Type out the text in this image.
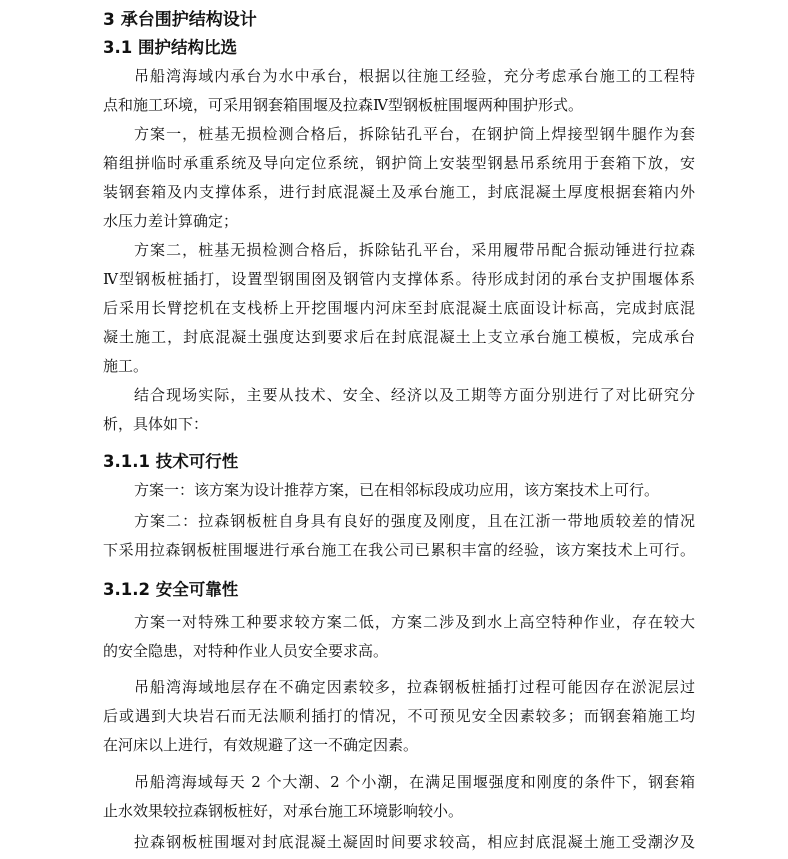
3 承台围护结构设计
3.1 围护结构比选
吊船湾海域内承台为水中承台，根据以往施工经验，充分考虑承台施工的工程特
点和施工环境，可采用钢套箱围堰及拉森Ⅳ型钢板桩围堰两种围护形式。
方案一，桩基无损检测合格后，拆除钻孔平台，在钢护筒上焊接型钢牛腿作为套
箱组拼临时承重系统及导向定位系统，钢护筒上安装型钢悬吊系统用于套箱下放，安
装钢套箱及内支撑体系，进行封底混凝土及承台施工，封底混凝土厚度根据套箱内外
水压力差计算确定；
方案二，桩基无损检测合格后，拆除钻孔平台，采用履带吊配合振动锤进行拉森
Ⅳ型钢板桩插打，设置型钢围囹及钢管内支撑体系。待形成封闭的承台支护围堰体系
后采用长臂挖机在支栈桥上开挖围堰内河床至封底混凝土底面设计标高，完成封底混
凝土施工，封底混凝土强度达到要求后在封底混凝土上支立承台施工模板，完成承台
施工。
结合现场实际，主要从技术、安全、经济以及工期等方面分别进行了对比研究分
析，具体如下：
3.1.1 技术可行性
方案一：该方案为设计推荐方案，已在相邻标段成功应用，该方案技术上可行。
方案二：拉森钢板桩自身具有良好的强度及刚度，且在江浙一带地质较差的情况
下采用拉森钢板桩围堰进行承台施工在我公司已累积丰富的经验，该方案技术上可行。
3.1.2 安全可靠性
方案一对特殊工种要求较方案二低，方案二涉及到水上高空特种作业，存在较大
的安全隐患，对特种作业人员安全要求高。
吊船湾海域地层存在不确定因素较多，拉森钢板桩插打过程可能因存在淤泥层过
后或遇到大块岩石而无法顺利插打的情况，不可预见安全因素较多；而钢套箱施工均
在河床以上进行，有效规避了这一不确定因素。
吊船湾海域每天 2 个大潮、2 个小潮，在满足围堰强度和刚度的条件下，钢套箱
止水效果较拉森钢板桩好，对承台施工环境影响较小。
拉森钢板桩围堰对封底混凝土凝固时间要求较高，相应封底混凝土施工受潮汐及
